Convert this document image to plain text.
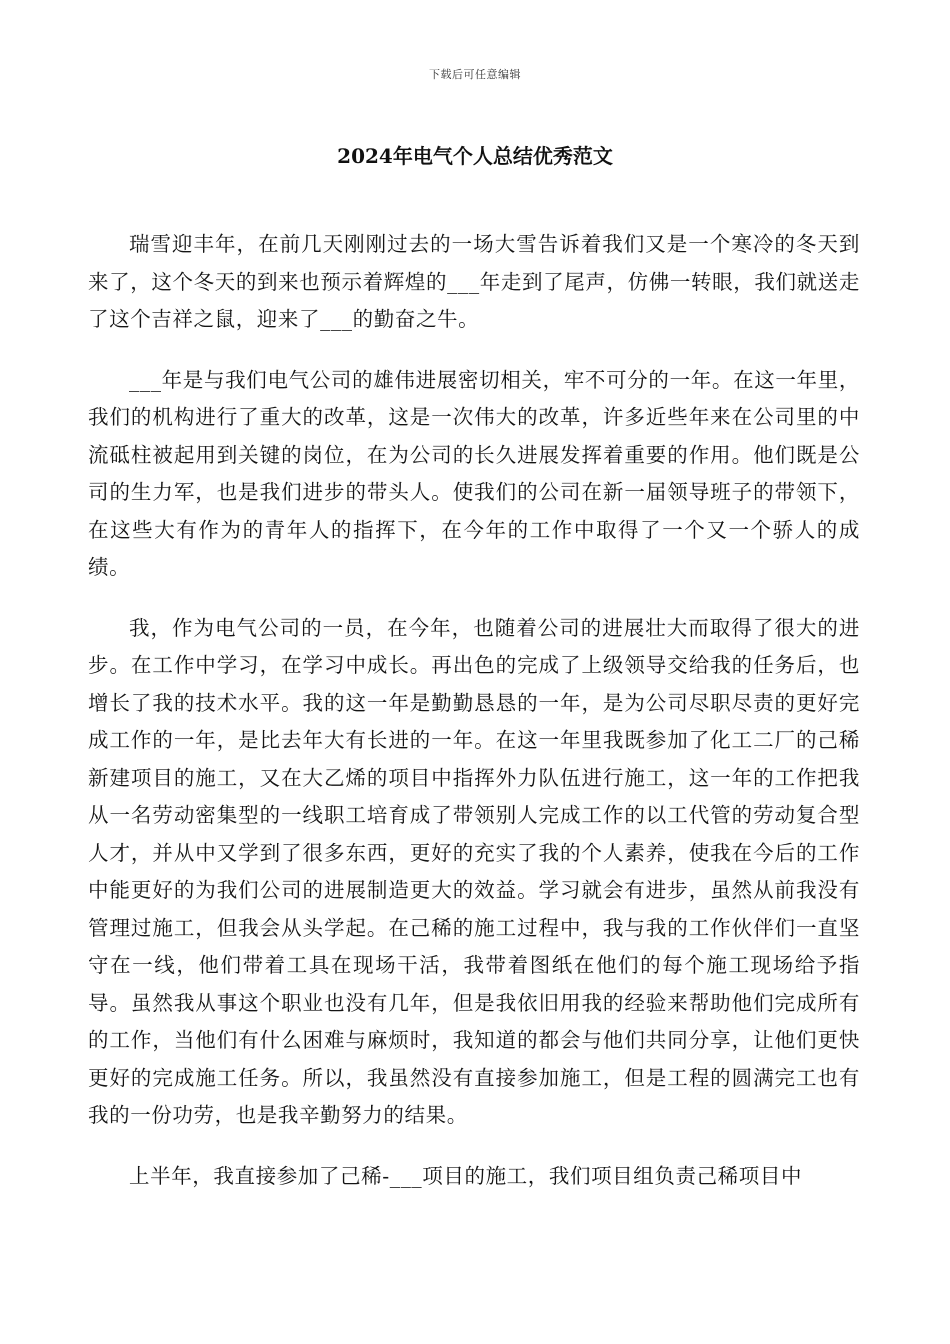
下载后可任意编辑
2024年电气个人总结优秀范文

瑞雪迎丰年，在前几天刚刚过去的一场大雪告诉着我们又是一个寒冷的冬天到来了，这个冬天的到来也预示着辉煌的___年走到了尾声，仿佛一转眼，我们就送走了这个吉祥之鼠，迎来了___的勤奋之牛。

___年是与我们电气公司的雄伟进展密切相关，牢不可分的一年。在这一年里，我们的机构进行了重大的改革，这是一次伟大的改革，许多近些年来在公司里的中流砥柱被起用到关键的岗位，在为公司的长久进展发挥着重要的作用。他们既是公司的生力军，也是我们进步的带头人。使我们的公司在新一届领导班子的带领下，在这些大有作为的青年人的指挥下，在今年的工作中取得了一个又一个骄人的成绩。

我，作为电气公司的一员，在今年，也随着公司的进展壮大而取得了很大的进步。在工作中学习，在学习中成长。再出色的完成了上级领导交给我的任务后，也增长了我的技术水平。我的这一年是勤勤恳恳的一年，是为公司尽职尽责的更好完成工作的一年，是比去年大有长进的一年。在这一年里我既参加了化工二厂的己稀新建项目的施工，又在大乙烯的项目中指挥外力队伍进行施工，这一年的工作把我从一名劳动密集型的一线职工培育成了带领别人完成工作的以工代管的劳动复合型人才，并从中又学到了很多东西，更好的充实了我的个人素养，使我在今后的工作中能更好的为我们公司的进展制造更大的效益。学习就会有进步，虽然从前我没有管理过施工，但我会从头学起。在己稀的施工过程中，我与我的工作伙伴们一直坚守在一线，他们带着工具在现场干活，我带着图纸在他们的每个施工现场给予指导。虽然我从事这个职业也没有几年，但是我依旧用我的经验来帮助他们完成所有的工作，当他们有什么困难与麻烦时，我知道的都会与他们共同分享，让他们更快更好的完成施工任务。所以，我虽然没有直接参加施工，但是工程的圆满完工也有我的一份功劳，也是我辛勤努力的结果。

上半年，我直接参加了己稀-___项目的施工，我们项目组负责己稀项目中
